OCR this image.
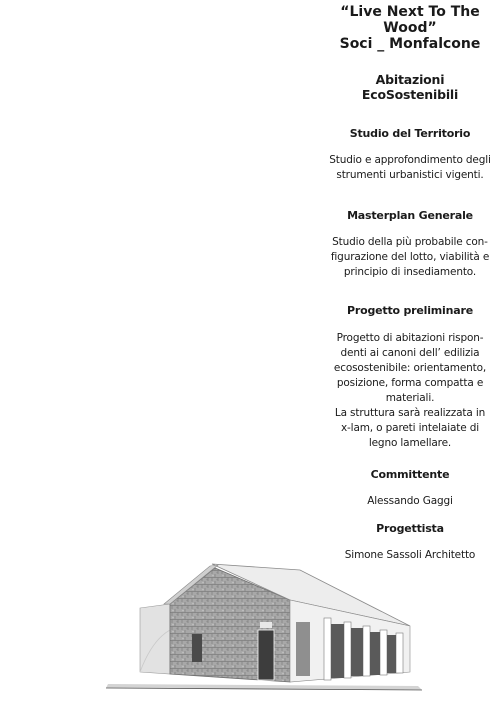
“Live Next To The
Wood”
Soci _ Monfalcone
Abitazioni EcoSostenibili
Studio del Territorio
Studio e approfondimento degli
strumenti urbanistici vigenti.
Masterplan Generale
Studio della più probabile con-
figurazione del lotto, viabilità e
principio di insediamento.
Progetto preliminare
Progetto di abitazioni rispon-
denti ai canoni dell’ edilizia
ecosostenibile: orientamento,
posizione, forma compatta e
materiali.
La struttura sarà realizzata in
x-lam, o pareti intelaiate di
legno lamellare.
Committente
Alessando Gaggi
Progettista
Simone Sassoli Architetto
